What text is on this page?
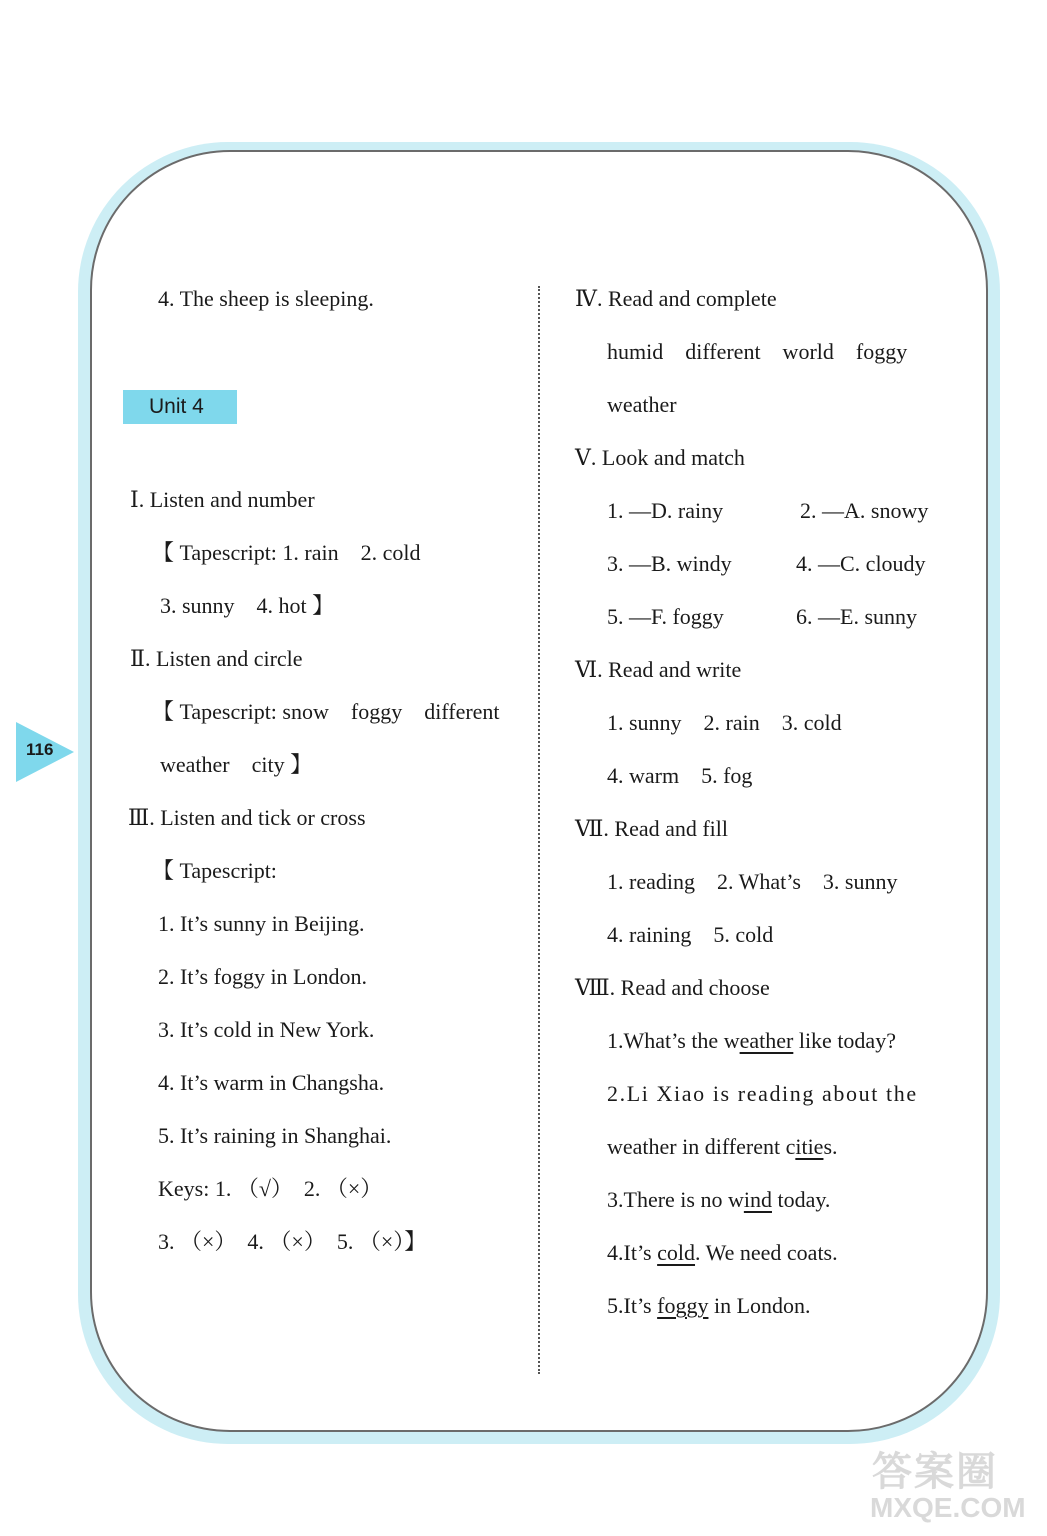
116
4. The sheep is sleeping.
Unit 4
Ⅰ. Listen and number
【 Tapescript: 1. rain    2. cold
3. sunny    4. hot 】
Ⅱ. Listen and circle
【 Tapescript: snow    foggy    different
weather    city 】
Ⅲ. Listen and tick or cross
【 Tapescript:
1. It’s sunny in Beijing.
2. It’s foggy in London.
3. It’s cold in New York.
4. It’s warm in Changsha.
5. It’s raining in Shanghai.
Keys: 1. （√）  2. （×）
3. （×）  4. （×）  5. （×）】
Ⅳ. Read and complete
humid    different    world    foggy
weather
Ⅴ. Look and match
1. —D. rainy	2. —A. snowy
3. —B. windy	4. —C. cloudy
5. —F. foggy	6. —E. sunny
Ⅵ. Read and write
1. sunny    2. rain    3. cold
4. warm    5. fog
Ⅶ. Read and fill
1. reading    2. What’s    3. sunny
4. raining    5. cold
Ⅷ. Read and choose
1.What’s the weather like today?
2.Li Xiao is reading about the
weather in different cities.
3.There is no wind today.
4.It’s cold. We need coats.
5.It’s foggy in London.
答案圈
MXQE.COM
